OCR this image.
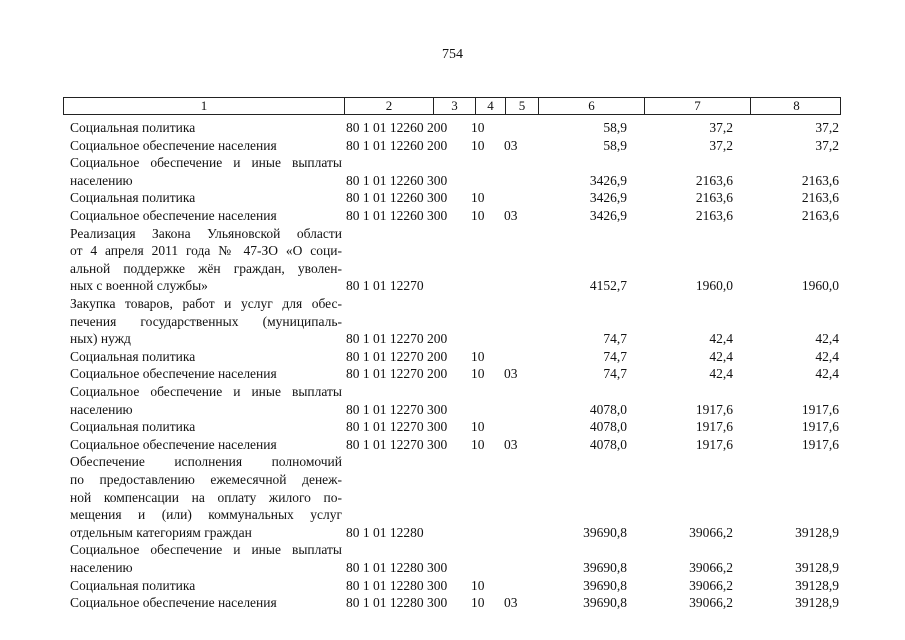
754
1	2	3	4	5	6	7	8
Социальная политика	80 1 01 12260 200 10	58,9	37,2	37,2
Социальное обеспечение населения	80 1 01 12260 200 10 03	58,9	37,2	37,2
Социальное обеспечение и иные выплаты
населению	80 1 01 12260 300	3426,9	2163,6	2163,6
Социальная политика	80 1 01 12260 300 10	3426,9	2163,6	2163,6
Социальное обеспечение населения	80 1 01 12260 300 10 03	3426,9	2163,6	2163,6
Реализация Закона Ульяновской области
от 4 апреля 2011 года № 47-ЗО «О соци-
альной поддержке жён граждан, уволен-
ных с военной службы»	80 1 01 12270	4152,7	1960,0	1960,0
Закупка товаров, работ и услуг для обес-
печения государственных (муниципаль-
ных) нужд	80 1 01 12270 200	74,7	42,4	42,4
Социальная политика	80 1 01 12270 200 10	74,7	42,4	42,4
Социальное обеспечение населения	80 1 01 12270 200 10 03	74,7	42,4	42,4
Социальное обеспечение и иные выплаты
населению	80 1 01 12270 300	4078,0	1917,6	1917,6
Социальная политика	80 1 01 12270 300 10	4078,0	1917,6	1917,6
Социальное обеспечение населения	80 1 01 12270 300 10 03	4078,0	1917,6	1917,6
Обеспечение исполнения полномочий
по предоставлению ежемесячной денеж-
ной компенсации на оплату жилого по-
мещения и (или) коммунальных услуг
отдельным категориям граждан	80 1 01 12280	39690,8	39066,2	39128,9
Социальное обеспечение и иные выплаты
населению	80 1 01 12280 300	39690,8	39066,2	39128,9
Социальная политика	80 1 01 12280 300 10	39690,8	39066,2	39128,9
Социальное обеспечение населения	80 1 01 12280 300 10 03	39690,8	39066,2	39128,9
